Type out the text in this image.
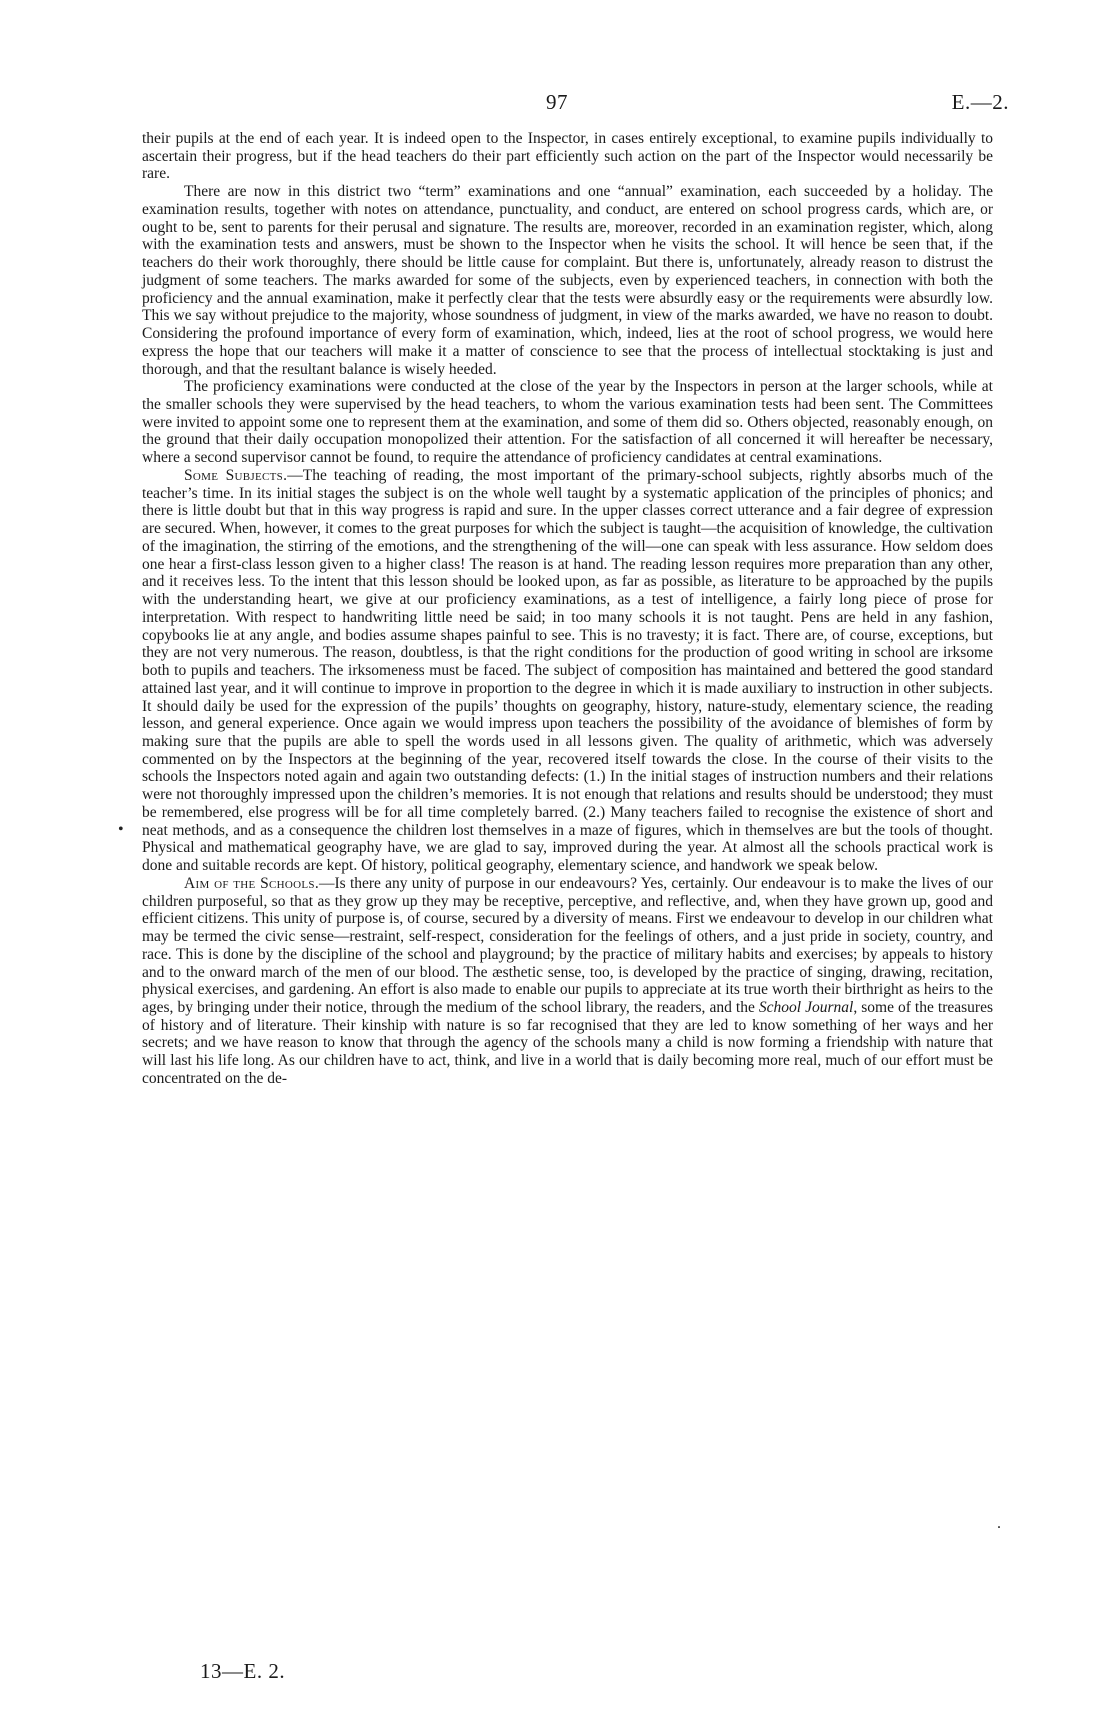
97	E.—2.

their pupils at the end of each year. It is indeed open to the Inspector, in cases entirely exceptional, to examine pupils individually to ascertain their progress, but if the head teachers do their part efficiently such action on the part of the Inspector would necessarily be rare.

There are now in this district two “term” examinations and one “annual” examination, each succeeded by a holiday. The examination results, together with notes on attendance, punctuality, and conduct, are entered on school progress cards, which are, or ought to be, sent to parents for their perusal and signature. The results are, moreover, recorded in an examination register, which, along with the examination tests and answers, must be shown to the Inspector when he visits the school. It will hence be seen that, if the teachers do their work thoroughly, there should be little cause for complaint. But there is, unfortunately, already reason to distrust the judgment of some teachers. The marks awarded for some of the subjects, even by experienced teachers, in connection with both the proficiency and the annual examination, make it perfectly clear that the tests were absurdly easy or the requirements were absurdly low. This we say without prejudice to the majority, whose soundness of judgment, in view of the marks awarded, we have no reason to doubt. Considering the profound importance of every form of examination, which, indeed, lies at the root of school progress, we would here express the hope that our teachers will make it a matter of conscience to see that the process of intellectual stocktaking is just and thorough, and that the resultant balance is wisely heeded.

The proficiency examinations were conducted at the close of the year by the Inspectors in person at the larger schools, while at the smaller schools they were supervised by the head teachers, to whom the various examination tests had been sent. The Committees were invited to appoint some one to represent them at the examination, and some of them did so. Others objected, reasonably enough, on the ground that their daily occupation monopolized their attention. For the satisfaction of all concerned it will hereafter be necessary, where a second supervisor cannot be found, to require the attendance of proficiency candidates at central examinations.

Some Subjects.—The teaching of reading, the most important of the primary-school subjects, rightly absorbs much of the teacher’s time. In its initial stages the subject is on the whole well taught by a systematic application of the principles of phonics; and there is little doubt but that in this way progress is rapid and sure. In the upper classes correct utterance and a fair degree of expression are secured. When, however, it comes to the great purposes for which the subject is taught—the acquisition of knowledge, the cultivation of the imagination, the stirring of the emotions, and the strengthening of the will—one can speak with less assurance. How seldom does one hear a first-class lesson given to a higher class! The reason is at hand. The reading lesson requires more preparation than any other, and it receives less. To the intent that this lesson should be looked upon, as far as possible, as literature to be approached by the pupils with the understanding heart, we give at our proficiency examinations, as a test of intelligence, a fairly long piece of prose for interpretation. With respect to handwriting little need be said; in too many schools it is not taught. Pens are held in any fashion, copybooks lie at any angle, and bodies assume shapes painful to see. This is no travesty; it is fact. There are, of course, exceptions, but they are not very numerous. The reason, doubtless, is that the right conditions for the production of good writing in school are irksome both to pupils and teachers. The irksomeness must be faced. The subject of composition has maintained and bettered the good standard attained last year, and it will continue to improve in proportion to the degree in which it is made auxiliary to instruction in other subjects. It should daily be used for the expression of the pupils’ thoughts on geography, history, nature-study, elementary science, the reading lesson, and general experience. Once again we would impress upon teachers the possibility of the avoidance of blemishes of form by making sure that the pupils are able to spell the words used in all lessons given. The quality of arithmetic, which was adversely commented on by the Inspectors at the beginning of the year, recovered itself towards the close. In the course of their visits to the schools the Inspectors noted again and again two outstanding defects: (1.) In the initial stages of instruction numbers and their relations were not thoroughly impressed upon the children’s memories. It is not enough that relations and results should be understood; they must be remembered, else progress will be for all time completely barred. (2.) Many teachers failed to recognise the existence of short and neat methods, and as a consequence the children lost themselves in a maze of figures, which in themselves are but the tools of thought. Physical and mathematical geography have, we are glad to say, improved during the year. At almost all the schools practical work is done and suitable records are kept. Of history, political geography, elementary science, and handwork we speak below.

Aim of the Schools.—Is there any unity of purpose in our endeavours? Yes, certainly. Our endeavour is to make the lives of our children purposeful, so that as they grow up they may be receptive, perceptive, and reflective, and, when they have grown up, good and efficient citizens. This unity of purpose is, of course, secured by a diversity of means. First we endeavour to develop in our children what may be termed the civic sense—restraint, self-respect, consideration for the feelings of others, and a just pride in society, country, and race. This is done by the discipline of the school and playground; by the practice of military habits and exercises; by appeals to history and to the onward march of the men of our blood. The æsthetic sense, too, is developed by the practice of singing, drawing, recitation, physical exercises, and gardening. An effort is also made to enable our pupils to appreciate at its true worth their birthright as heirs to the ages, by bringing under their notice, through the medium of the school library, the readers, and the School Journal, some of the treasures of history and of literature. Their kinship with nature is so far recognised that they are led to know something of her ways and her secrets; and we have reason to know that through the agency of the schools many a child is now forming a friendship with nature that will last his life long. As our children have to act, think, and live in a world that is daily becoming more real, much of our effort must be concentrated on the de-

•
.
13—E. 2.
